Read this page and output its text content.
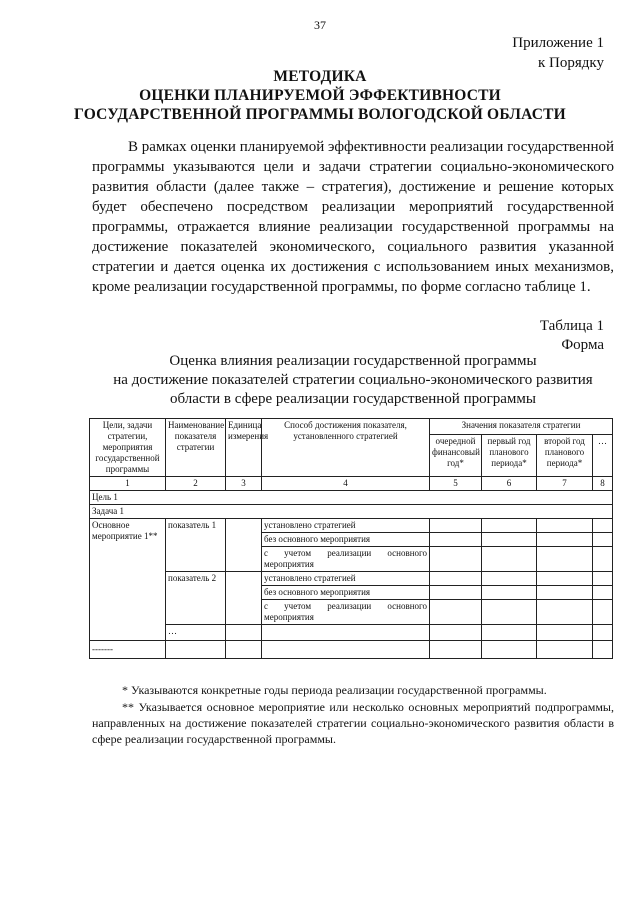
37
Приложение 1
к Порядку
МЕТОДИКА
ОЦЕНКИ ПЛАНИРУЕМОЙ ЭФФЕКТИВНОСТИ
ГОСУДАРСТВЕННОЙ ПРОГРАММЫ ВОЛОГОДСКОЙ ОБЛАСТИ

В рамках оценки планируемой эффективности реализации государственной программы указываются цели и задачи стратегии социально-экономического развития области (далее также – стратегия), достижение и решение которых будет обеспечено посредством реализации мероприятий государственной программы, отражается влияние реализации государственной программы на достижение показателей экономического, социального развития указанной стратегии и дается оценка их достижения с использованием иных механизмов, кроме реализации государственной программы, по форме согласно таблице 1.

Таблица 1
Форма
Оценка влияния реализации государственной программы
на достижение показателей стратегии социально-экономического развития
области в сфере реализации государственной программы
Цели, задачи стратегии, мероприятия государственной программы	Наименование показателя стратегии	Единица измерения	Способ достижения показателя, установленного стратегией	Значения показателя стратегии			
				очередной финансовый год*	первый год планового периода*	второй год планового периода*	…
1	2	3	4	5	6	7	8
Цель 1							
Задача 1							
Основное мероприятие 1**	показатель 1		установлено стратегией				
			без основного мероприятия				
			с учетом реализации основного мероприятия				
	показатель 2		установлено стратегией				
			без основного мероприятия				
			с учетом реализации основного мероприятия				
	…						
-------							

* Указываются конкретные годы периода реализации государственной программы.

** Указывается основное мероприятие или несколько основных мероприятий подпрограммы, направленных на достижение показателей стратегии социально-экономического развития области в сфере реализации государственной программы.
